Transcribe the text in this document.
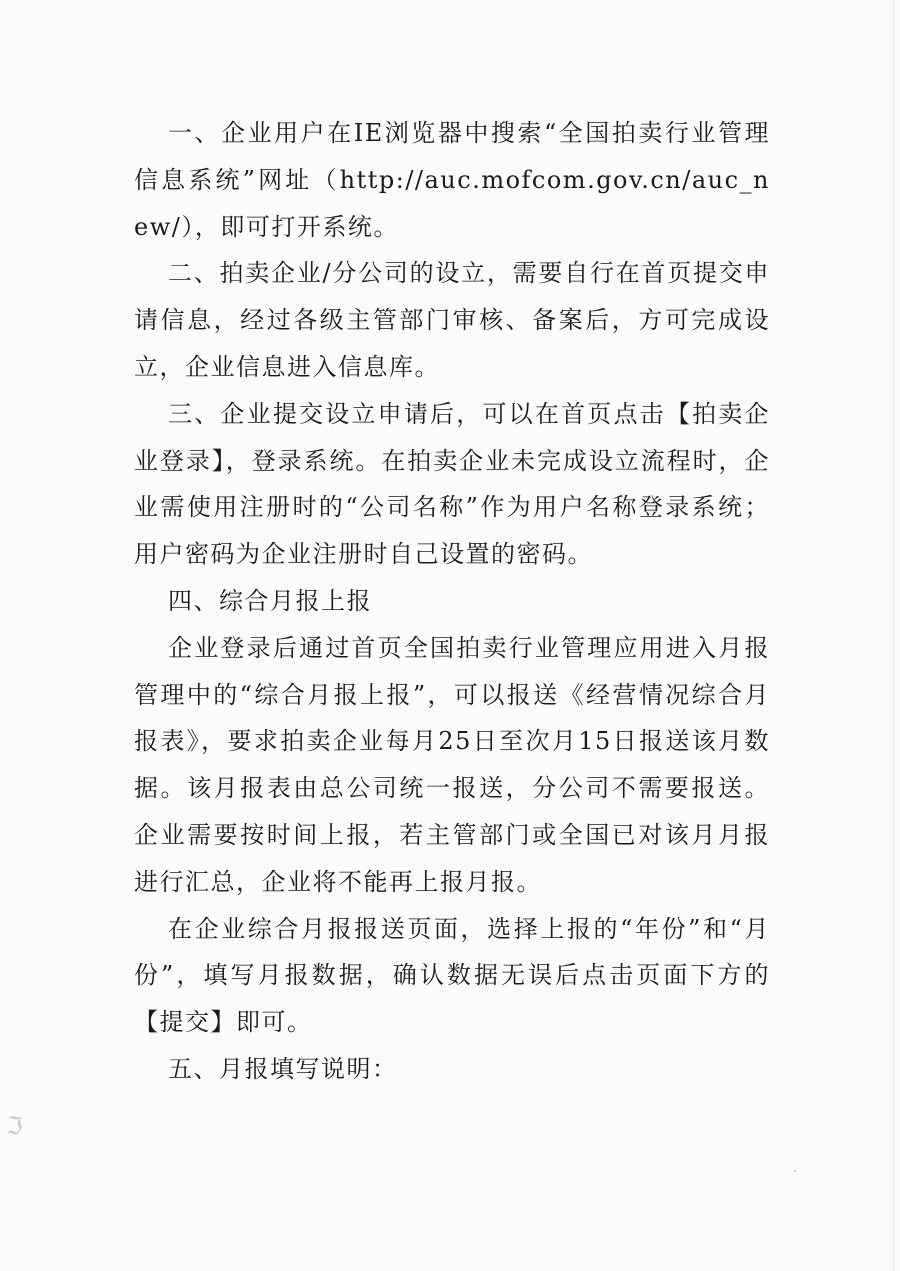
一、企业用户在IE浏览器中搜索“全国拍卖行业管理信息系统”网址（http://auc.mofcom.gov.cn/auc_new/），即可打开系统。

二、拍卖企业/分公司的设立，需要自行在首页提交申请信息，经过各级主管部门审核、备案后，方可完成设立，企业信息进入信息库。

三、企业提交设立申请后，可以在首页点击【拍卖企业登录】，登录系统。在拍卖企业未完成设立流程时，企业需使用注册时的“公司名称”作为用户名称登录系统；用户密码为企业注册时自己设置的密码。

四、综合月报上报

企业登录后通过首页全国拍卖行业管理应用进入月报管理中的“综合月报上报”，可以报送《经营情况综合月报表》，要求拍卖企业每月25日至次月15日报送该月数据。该月报表由总公司统一报送，分公司不需要报送。企业需要按时间上报，若主管部门或全国已对该月月报进行汇总，企业将不能再上报月报。

在企业综合月报报送页面，选择上报的“年份”和“月份”，填写月报数据，确认数据无误后点击页面下方的【提交】即可。

五、月报填写说明：

ℑ
